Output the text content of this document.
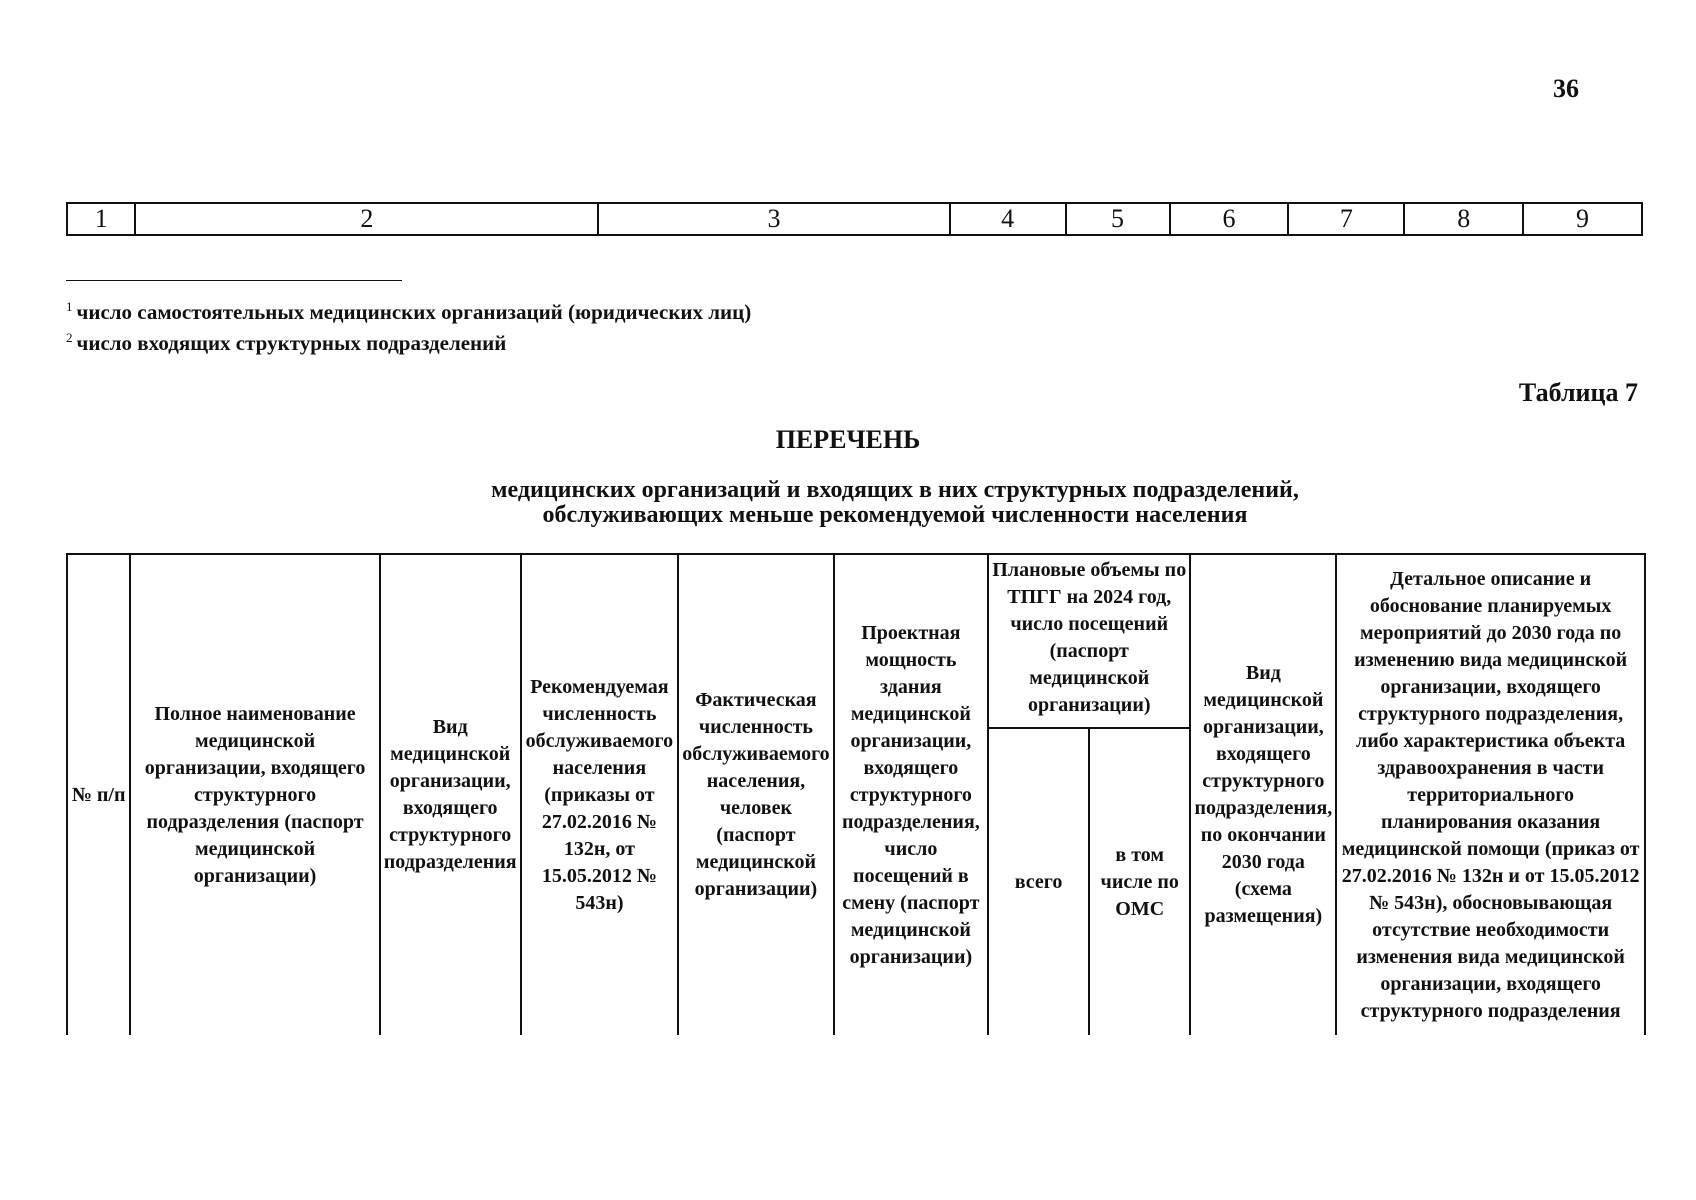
36
1	2	3	4	5	6	7	8	9
$^1$ число самостоятельных медицинских организаций (юридических лиц)
$^2$ число входящих структурных подразделений
Таблица 7
ПЕРЕЧЕНЬ
медицинских организаций и входящих в них структурных подразделений,
обслуживающих меньше рекомендуемой численности населения
№ п/п	Полное наименование медицинской организации, входящего структурного подразделения (паспорт медицинской организации)	Вид медицинской организации, входящего структурного подразделения	Рекомендуемая численность обслуживаемого населения (приказы от 27.02.2016 № 132н, от 15.05.2012 № 543н)	Фактическая численность обслуживаемого населения, человек (паспорт медицинской организации)	Проектная мощность здания медицинской организации, входящего структурного подразделения, число посещений в смену (паспорт медицинской организации)	Плановые объемы по ТПГГ на 2024 год, число посещений (паспорт медицинской организации)		Вид медицинской организации, входящего структурного подразделения, по окончании 2030 года (схема размещения)	Детальное описание и обоснование планируемых мероприятий до 2030 года по изменению вида медицинской организации, входящего структурного подразделения, либо характеристика объекта здравоохранения в части территориального планирования оказания медицинской помощи (приказ от 27.02.2016 № 132н и от 15.05.2012 № 543н), обосновывающая отсутствие необходимости изменения вида медицинской организации, входящего структурного подразделения
						всего	в том числе по ОМС		
